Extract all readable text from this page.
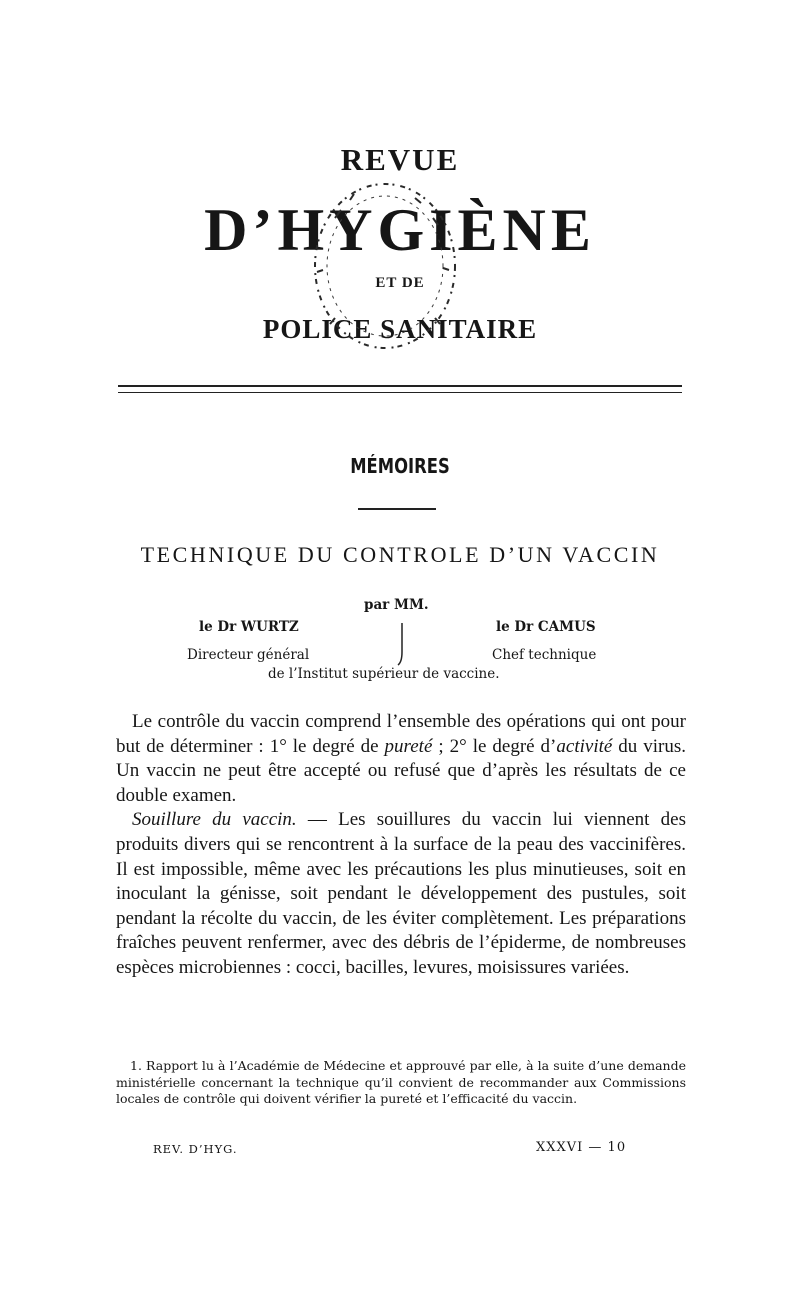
REVUE
D’HYGIÈNE
ET DE
POLICE SANITAIRE
MÉMOIRES
TECHNIQUE DU CONTROLE D’UN VACCIN
par MM.
le Dr WURTZ	le Dr CAMUS
Directeur général	Chef technique
de l’Institut supérieur de vaccine.

Le contrôle du vaccin comprend l’ensemble des opérations qui ont pour but de déterminer : 1° le degré de pureté ; 2° le degré d’activité du virus. Un vaccin ne peut être accepté ou refusé que d’après les résultats de ce double examen.

Souillure du vaccin. — Les souillures du vaccin lui viennent des produits divers qui se rencontrent à la surface de la peau des vaccinifères. Il est impossible, même avec les précautions les plus minutieuses, soit en inoculant la génisse, soit pendant le développement des pustules, soit pendant la récolte du vaccin, de les éviter complètement. Les préparations fraîches peuvent renfermer, avec des débris de l’épiderme, de nombreuses espèces microbiennes : cocci, bacilles, levures, moisissures variées.

1. Rapport lu à l’Académie de Médecine et approuvé par elle, à la suite d’une demande ministérielle concernant la technique qu’il convient de recommander aux Commissions locales de contrôle qui doivent vérifier la pureté et l’efficacité du vaccin.

REV. D’HYG.	XXXVI — 10
